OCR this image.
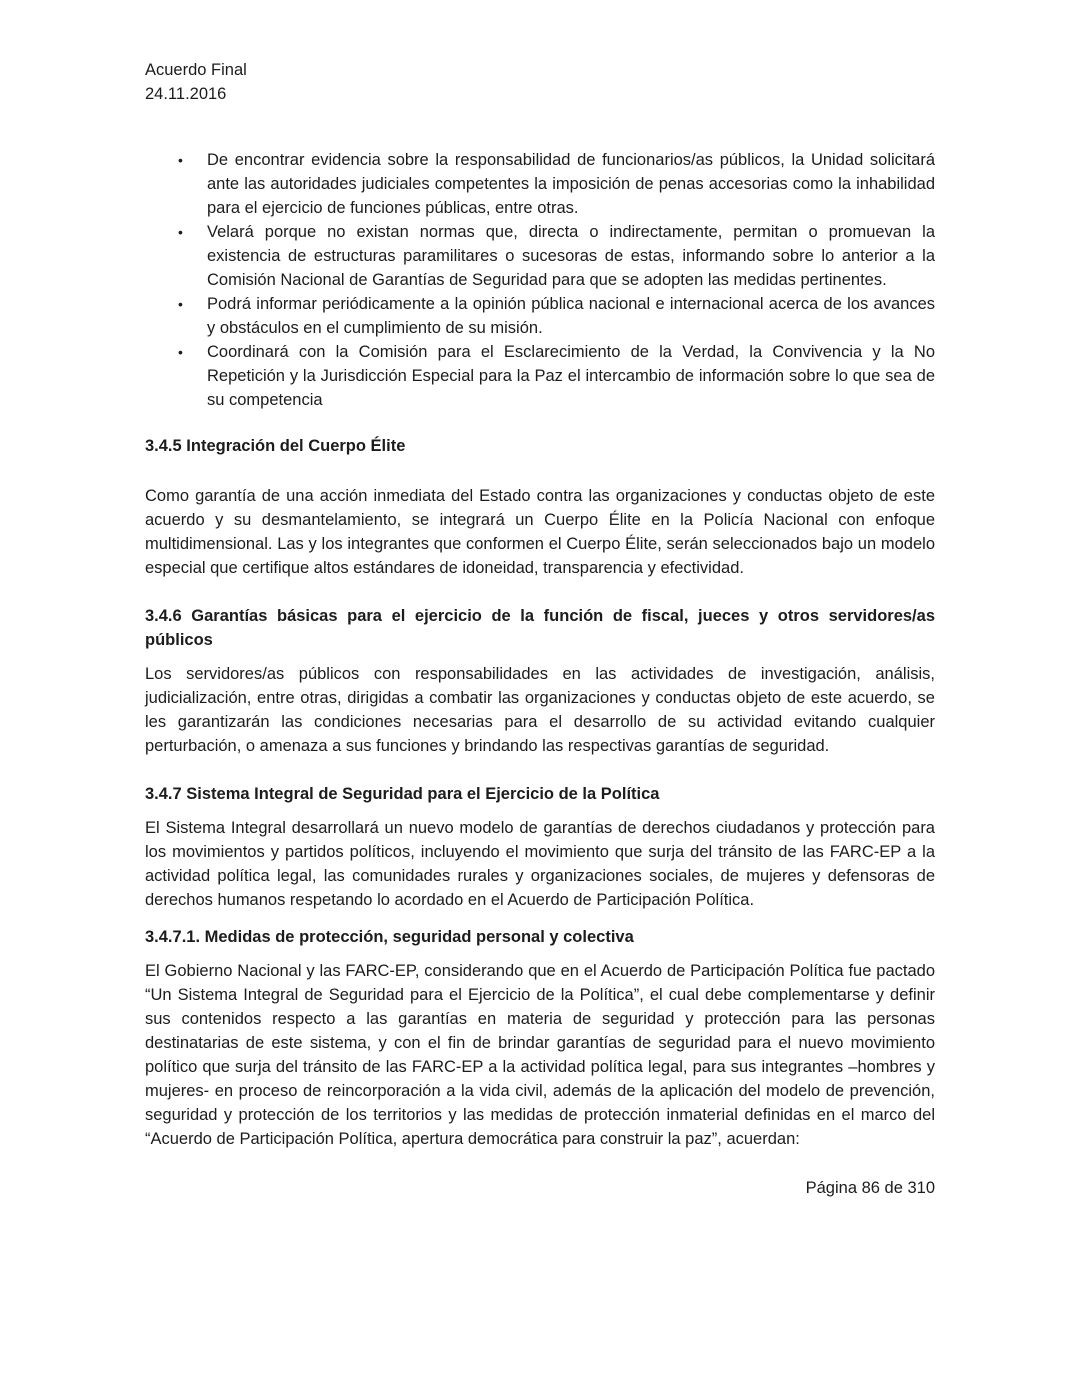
Acuerdo Final
24.11.2016
• De encontrar evidencia sobre la responsabilidad de funcionarios/as públicos, la Unidad solicitará ante las autoridades judiciales competentes la imposición de penas accesorias como la inhabilidad para el ejercicio de funciones públicas, entre otras.
• Velará porque no existan normas que, directa o indirectamente, permitan o promuevan la existencia de estructuras paramilitares o sucesoras de estas, informando sobre lo anterior a la Comisión Nacional de Garantías de Seguridad para que se adopten las medidas pertinentes.
• Podrá informar periódicamente a la opinión pública nacional e internacional acerca de los avances y obstáculos en el cumplimiento de su misión.
• Coordinará con la Comisión para el Esclarecimiento de la Verdad, la Convivencia y la No Repetición y la Jurisdicción Especial para la Paz el intercambio de información sobre lo que sea de su competencia
3.4.5 Integración del Cuerpo Élite

Como garantía de una acción inmediata del Estado contra las organizaciones y conductas objeto de este acuerdo y su desmantelamiento, se integrará un Cuerpo Élite en la Policía Nacional con enfoque multidimensional. Las y los integrantes que conformen el Cuerpo Élite, serán seleccionados bajo un modelo especial que certifique altos estándares de idoneidad, transparencia y efectividad.

3.4.6 Garantías básicas para el ejercicio de la función de fiscal, jueces y otros servidores/as públicos

Los servidores/as públicos con responsabilidades en las actividades de investigación, análisis, judicialización, entre otras, dirigidas a combatir las organizaciones y conductas objeto de este acuerdo, se les garantizarán las condiciones necesarias para el desarrollo de su actividad evitando cualquier perturbación, o amenaza a sus funciones y brindando las respectivas garantías de seguridad.

3.4.7 Sistema Integral de Seguridad para el Ejercicio de la Política

El Sistema Integral desarrollará un nuevo modelo de garantías de derechos ciudadanos y protección para los movimientos y partidos políticos, incluyendo el movimiento que surja del tránsito de las FARC-EP a la actividad política legal, las comunidades rurales y organizaciones sociales, de mujeres y defensoras de derechos humanos respetando lo acordado en el Acuerdo de Participación Política.

3.4.7.1. Medidas de protección, seguridad personal y colectiva

El Gobierno Nacional y las FARC-EP, considerando que en el Acuerdo de Participación Política fue pactado “Un Sistema Integral de Seguridad para el Ejercicio de la Política”, el cual debe complementarse y definir sus contenidos respecto a las garantías en materia de seguridad y protección para las personas destinatarias de este sistema, y con el fin de brindar garantías de seguridad para el nuevo movimiento político que surja del tránsito de las FARC-EP a la actividad política legal, para sus integrantes –hombres y mujeres- en proceso de reincorporación a la vida civil, además de la aplicación del modelo de prevención, seguridad y protección de los territorios y las medidas de protección inmaterial definidas en el marco del “Acuerdo de Participación Política, apertura democrática para construir la paz”, acuerdan:

Página 86 de 310
